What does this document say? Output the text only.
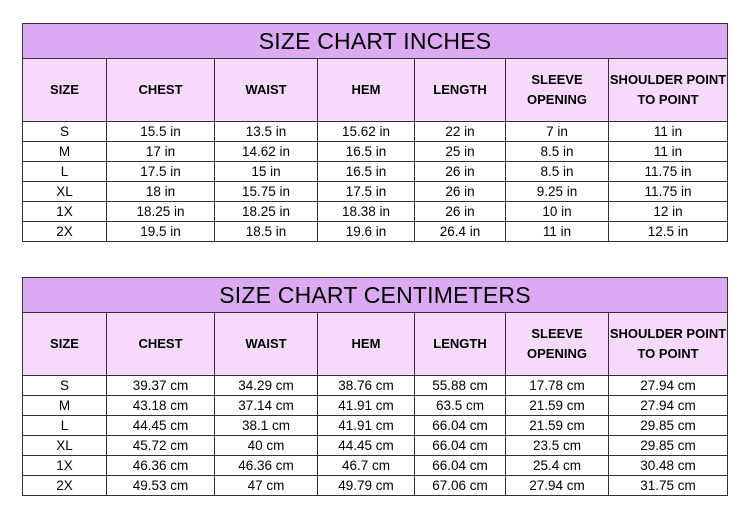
SIZE CHART INCHES						
SIZE	CHEST	WAIST	HEM	LENGTH	SLEEVE OPENING	SHOULDER POINT TO POINT
S	15.5 in	13.5 in	15.62 in	22 in	7 in	11 in
M	17 in	14.62 in	16.5 in	25 in	8.5 in	11 in
L	17.5 in	15 in	16.5 in	26 in	8.5 in	11.75 in
XL	18 in	15.75 in	17.5 in	26 in	9.25 in	11.75 in
1X	18.25 in	18.25 in	18.38 in	26 in	10 in	12 in
2X	19.5 in	18.5 in	19.6 in	26.4 in	11 in	12.5 in
SIZE CHART CENTIMETERS						
SIZE	CHEST	WAIST	HEM	LENGTH	SLEEVE OPENING	SHOULDER POINT TO POINT
S	39.37 cm	34.29 cm	38.76 cm	55.88 cm	17.78 cm	27.94 cm
M	43.18 cm	37.14 cm	41.91 cm	63.5 cm	21.59 cm	27.94 cm
L	44.45 cm	38.1 cm	41.91 cm	66.04 cm	21.59 cm	29.85 cm
XL	45.72 cm	40 cm	44.45 cm	66.04 cm	23.5 cm	29.85 cm
1X	46.36 cm	46.36 cm	46.7 cm	66.04 cm	25.4 cm	30.48 cm
2X	49.53 cm	47 cm	49.79 cm	67.06 cm	27.94 cm	31.75 cm
